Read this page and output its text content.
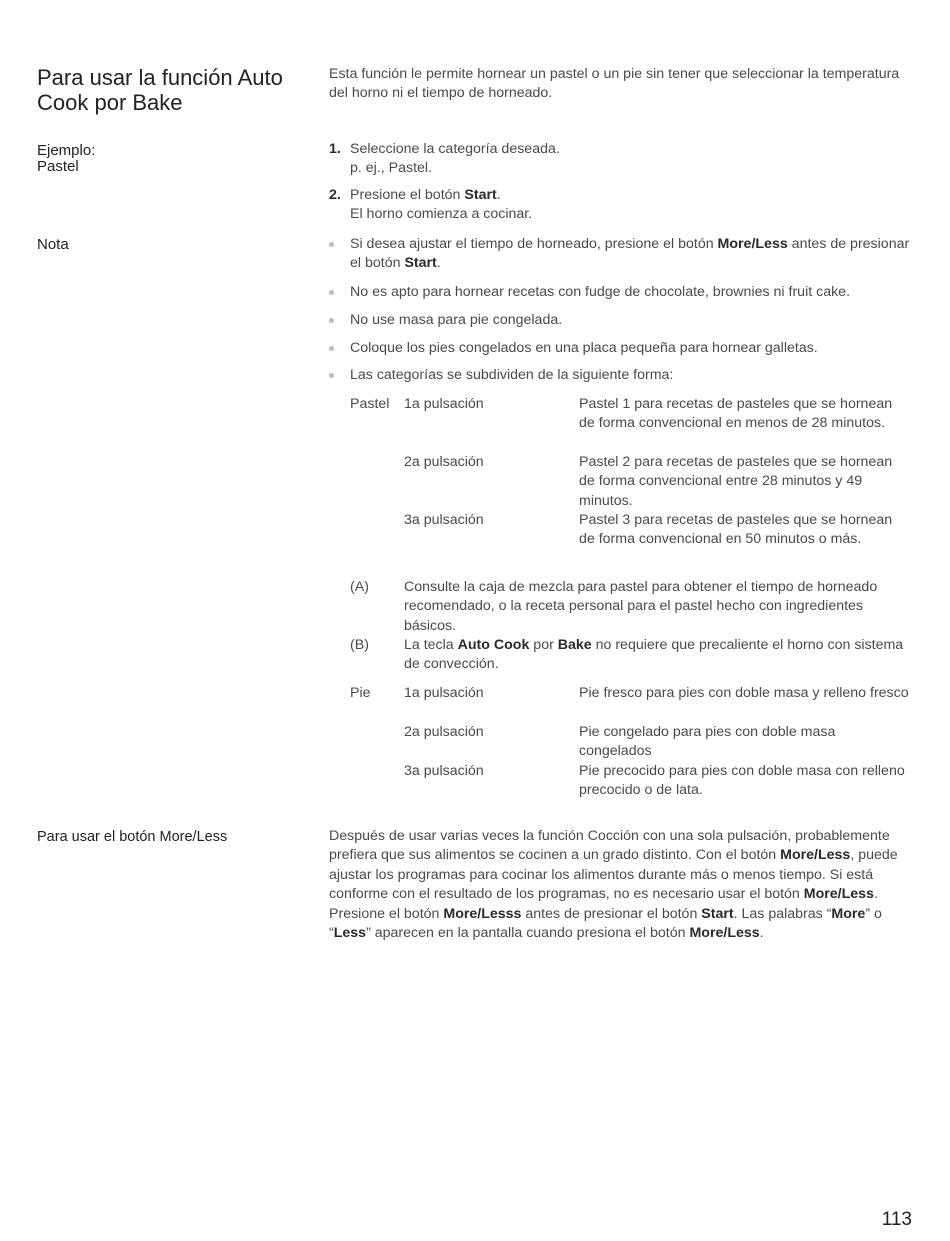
Para usar la función Auto Cook por Bake
Esta función le permite hornear un pastel o un pie sin tener que seleccionar la temperatura del horno ni el tiempo de horneado.
Ejemplo:
Pastel

1. Seleccione la categoría deseada.
p. ej., Pastel.

2. Presione el botón Start.
El horno comienza a cocinar.

Nota	Si desea ajustar el tiempo de horneado, presione el botón More/Less antes de presionar el botón Start.
No es apto para hornear recetas con fudge de chocolate, brownies ni fruit cake.
No use masa para pie congelada.
Coloque los pies congelados en una placa pequeña para hornear galletas.
Las categorías se subdividen de la siguiente forma:
Pastel 1a pulsación	Pastel 1 para recetas de pasteles que se hornean de forma convencional en menos de 28 minutos.
2a pulsación	Pastel 2 para recetas de pasteles que se hornean de forma convencional entre 28 minutos y 49 minutos.
3a pulsación	Pastel 3 para recetas de pasteles que se hornean de forma convencional en 50 minutos o más.
(A) Consulte la caja de mezcla para pastel para obtener el tiempo de horneado recomendado, o la receta personal para el pastel hecho con ingredientes básicos.
(B) La tecla Auto Cook por Bake no requiere que precaliente el horno con sistema de convección.
Pie 1a pulsación	Pie fresco para pies con doble masa y relleno fresco
2a pulsación	Pie congelado para pies con doble masa congelados
3a pulsación	Pie precocido para pies con doble masa con relleno precocido o de lata.
Para usar el botón More/Less	Después de usar varias veces la función Cocción con una sola pulsación, probablemente prefiera que sus alimentos se cocinen a un grado distinto. Con el botón More/Less, puede ajustar los programas para cocinar los alimentos durante más o menos tiempo. Si está conforme con el resultado de los programas, no es necesario usar el botón More/Less. Presione el botón More/Lesss antes de presionar el botón Start. Las palabras “More” o “Less” aparecen en la pantalla cuando presiona el botón More/Less.
113
